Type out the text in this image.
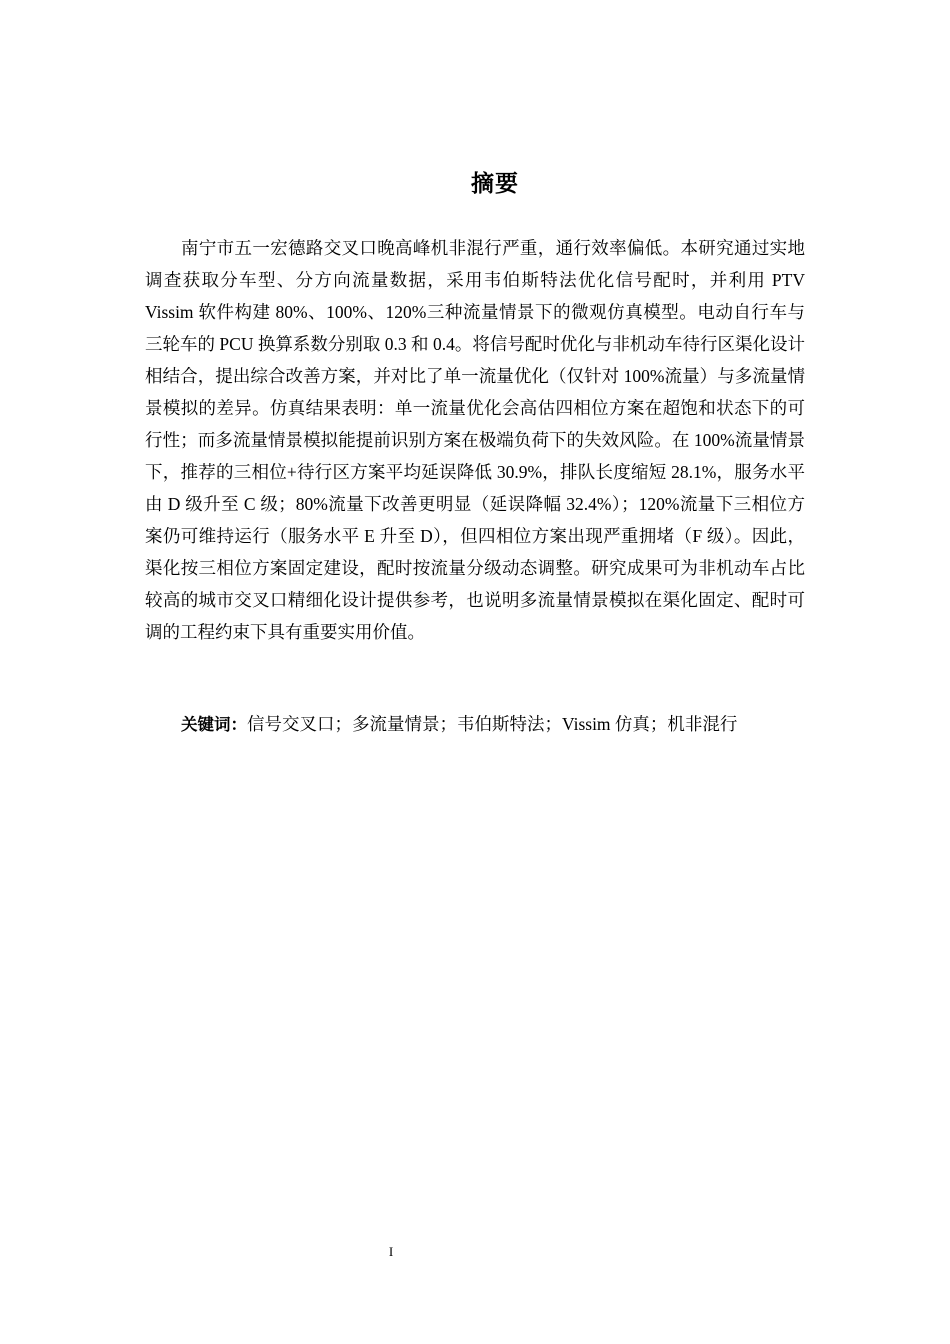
摘要

南宁市五一宏德路交叉口晚高峰机非混行严重，通行效率偏低。本研究通过实地调查获取分车型、分方向流量数据，采用韦伯斯特法优化信号配时，并利用 PTV Vissim 软件构建 80%、100%、120%三种流量情景下的微观仿真模型。电动自行车与三轮车的 PCU 换算系数分别取 0.3 和 0.4。将信号配时优化与非机动车待行区渠化设计相结合，提出综合改善方案，并对比了单一流量优化（仅针对 100%流量）与多流量情景模拟的差异。仿真结果表明：单一流量优化会高估四相位方案在超饱和状态下的可行性；而多流量情景模拟能提前识别方案在极端负荷下的失效风险。在 100%流量情景下，推荐的三相位+待行区方案平均延误降低 30.9%，排队长度缩短 28.1%，服务水平由 D 级升至 C 级；80%流量下改善更明显（延误降幅 32.4%）；120%流量下三相位方案仍可维持运行（服务水平 E 升至 D），但四相位方案出现严重拥堵（F 级）。因此，渠化按三相位方案固定建设，配时按流量分级动态调整。研究成果可为非机动车占比较高的城市交叉口精细化设计提供参考，也说明多流量情景模拟在渠化固定、配时可调的工程约束下具有重要实用价值。

关键词：信号交叉口；多流量情景；韦伯斯特法；Vissim 仿真；机非混行
I
